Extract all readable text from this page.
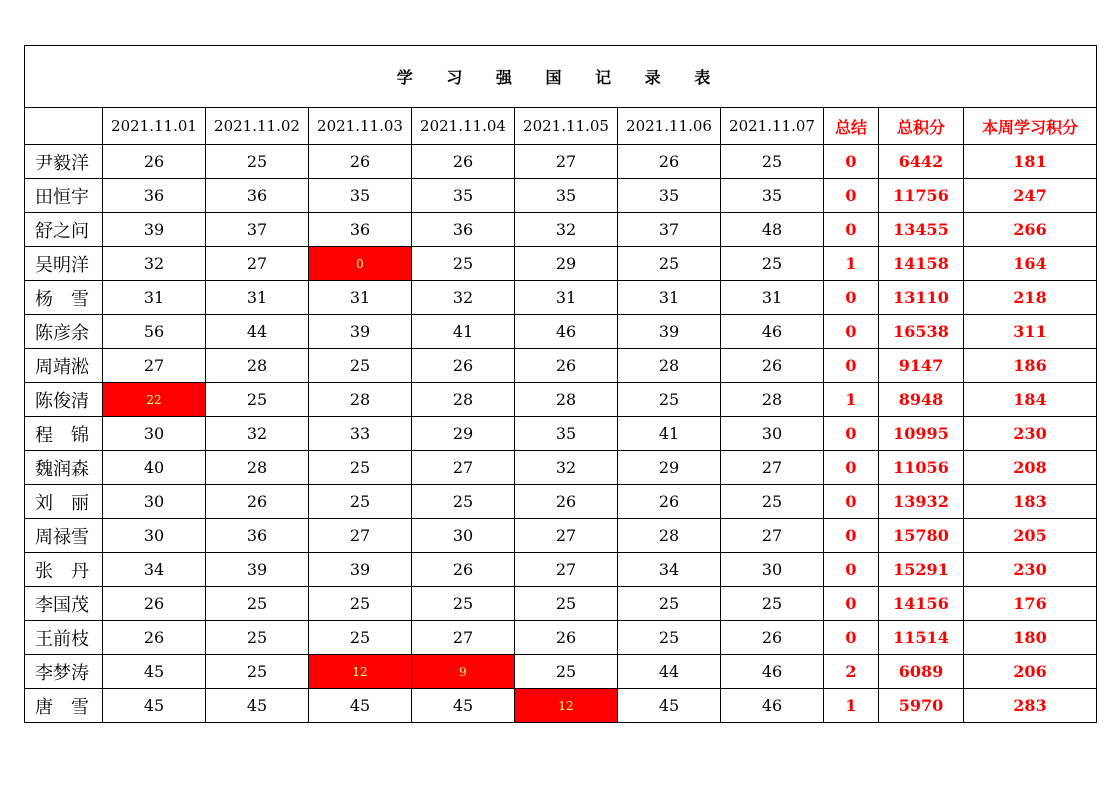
学 习 强 国 记 录 表										
	2021.11.01	2021.11.02	2021.11.03	2021.11.04	2021.11.05	2021.11.06	2021.11.07	总结	总积分	本周学习积分
尹毅洋	26	25	26	26	27	26	25	0	6442	181
田恒宇	36	36	35	35	35	35	35	0	11756	247
舒之问	39	37	36	36	32	37	48	0	13455	266
吴明洋	32	27	0	25	29	25	25	1	14158	164
杨　雪	31	31	31	32	31	31	31	0	13110	218
陈彦余	56	44	39	41	46	39	46	0	16538	311
周靖淞	27	28	25	26	26	28	26	0	9147	186
陈俊清	22	25	28	28	28	25	28	1	8948	184
程　锦	30	32	33	29	35	41	30	0	10995	230
魏润森	40	28	25	27	32	29	27	0	11056	208
刘　丽	30	26	25	25	26	26	25	0	13932	183
周禄雪	30	36	27	30	27	28	27	0	15780	205
张　丹	34	39	39	26	27	34	30	0	15291	230
李国茂	26	25	25	25	25	25	25	0	14156	176
王前枝	26	25	25	27	26	25	26	0	11514	180
李梦涛	45	25	12	9	25	44	46	2	6089	206
唐　雪	45	45	45	45	12	45	46	1	5970	283
